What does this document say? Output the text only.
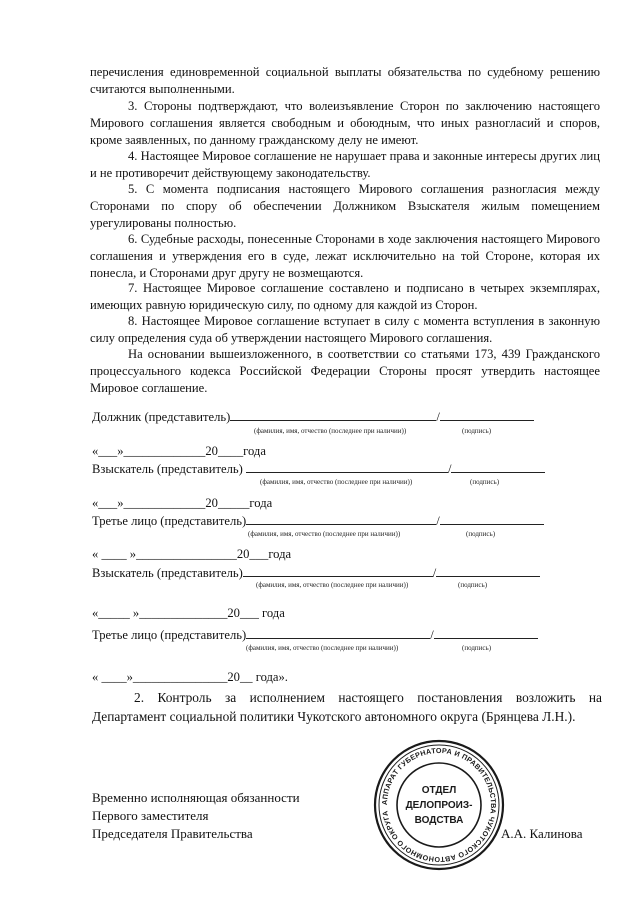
перечисления единовременной социальной выплаты обязательства по судебному решению считаются выполненными.

3. Стороны подтверждают, что волеизъявление Сторон по заключению настоящего Мирового соглашения является свободным и обоюдным, что иных разногласий и споров, кроме заявленных, по данному гражданскому делу не имеют.

4. Настоящее Мировое соглашение не нарушает права и законные интересы других лиц и не противоречит действующему законодательству.

5. С момента подписания настоящего Мирового соглашения разногласия между Сторонами по спору об обеспечении Должником Взыскателя жилым помещением урегулированы полностью.

6. Судебные расходы, понесенные Сторонами в ходе заключения настоящего Мирового соглашения и утверждения его в суде, лежат исключительно на той Стороне, которая их понесла, и Сторонами друг другу не возмещаются.

7. Настоящее Мировое соглашение составлено и подписано в четырех экземплярах, имеющих равную юридическую силу, по одному для каждой из Сторон.

8. Настоящее Мировое соглашение вступает в силу с момента вступления в законную силу определения суда об утверждении настоящего Мирового соглашения.

На основании вышеизложенного, в соответствии со статьями 173, 439 Гражданского процессуального кодекса Российской Федерации Стороны просят утвердить настоящее Мировое соглашение.

Должник (представитель)	/
(фамилия, имя, отчество (последнее при наличии))	(подпись)
«___»_____________20____года
Взыскатель (представитель)	/
(фамилия, имя, отчество (последнее при наличии))	(подпись)
«___»_____________20_____года
Третье лицо (представитель)	/
(фамилия, имя, отчество (последнее при наличии))	(подпись)
« ____ »________________20___года
Взыскатель (представитель)	/
(фамилия, имя, отчество (последнее при наличии))	(подпись)
«_____ »______________20___ года
Третье лицо (представитель)	/
(фамилия, имя, отчество (последнее при наличии))	(подпись)
« ____»_______________20__ года».

2. Контроль за исполнением настоящего постановления возложить на Департамент социальной политики Чукотского автономного округа (Брянцева Л.Н.).

Временно исполняющая обязанности
Первого заместителя
Председателя Правительства	А.А. Калинова
АППАРАТ ГУБЕРНАТОРА И ПРАВИТЕЛЬСТВА ЧУКОТСКОГО АВТОНОМНОГО ОКРУГА
ОТДЕЛ
ДЕЛОПРОИЗ-
ВОДСТВА
